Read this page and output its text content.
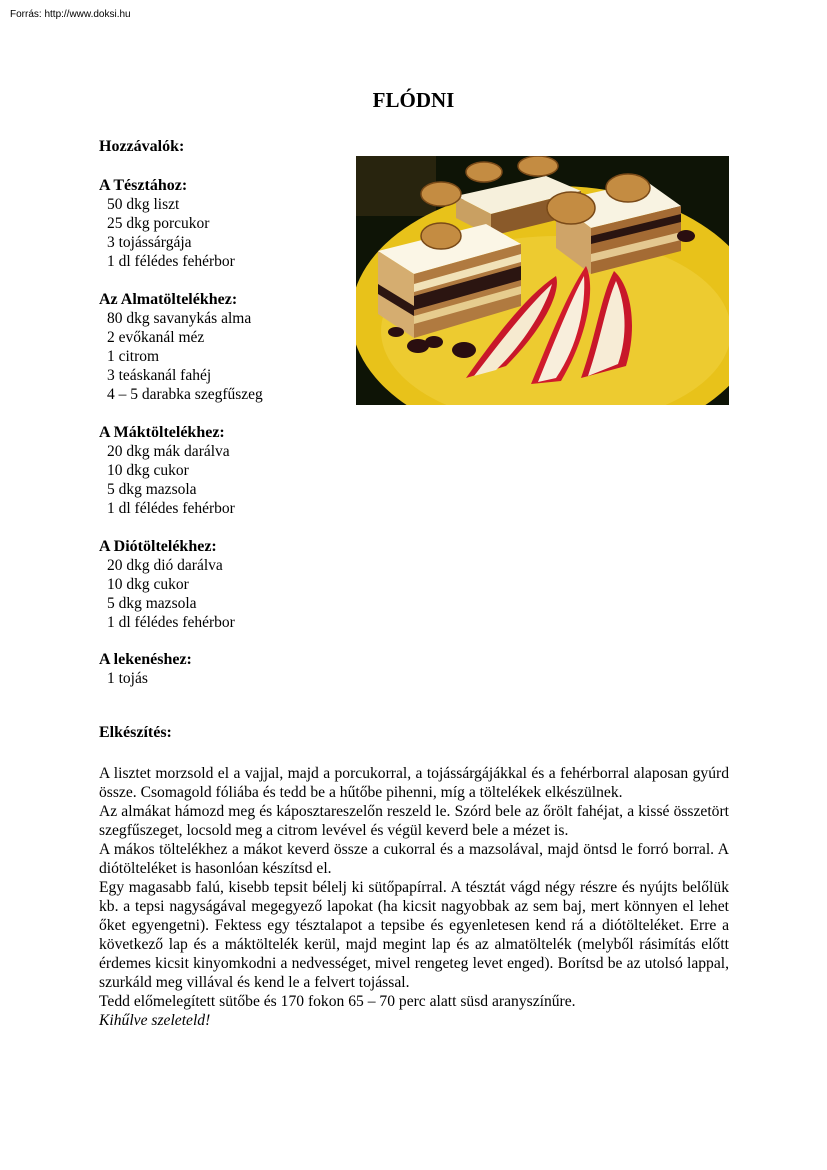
Forrás: http://www.doksi.hu
FLÓDNI
Hozzávalók:
A Tésztához:
50 dkg liszt
25 dkg porcukor
3 tojássárgája
1 dl félédes fehérbor
Az Almatöltelékhez:
80 dkg savanykás alma
2 evőkanál méz
1 citrom
3 teáskanál fahéj
4 – 5 darabka szegfűszeg
A Máktöltelékhez:
20 dkg mák darálva
10 dkg cukor
5 dkg mazsola
1 dl félédes fehérbor
A Diótöltelékhez:
20 dkg dió darálva
10 dkg cukor
5 dkg mazsola
1 dl félédes fehérbor
A lekenéshez:
1 tojás
Elkészítés:

A lisztet morzsold el a vajjal, majd a porcukorral, a tojássárgájákkal és a fehérborral alaposan gyúrd össze. Csomagold fóliába és tedd be a hűtőbe pihenni, míg a töltelékek elkészülnek.

Az almákat hámozd meg és káposztareszelőn reszeld le. Szórd bele az őrölt fahéjat, a kissé összetört szegfűszeget, locsold meg a citrom levével és végül keverd bele a mézet is.

A mákos töltelékhez a mákot keverd össze a cukorral és a mazsolával, majd öntsd le forró borral. A diótölteléket is hasonlóan készítsd el.

Egy magasabb falú, kisebb tepsit bélelj ki sütőpapírral. A tésztát vágd négy részre és nyújts belőlük kb. a tepsi nagyságával megegyező lapokat (ha kicsit nagyobbak az sem baj, mert könnyen el lehet őket egyengetni). Fektess egy tésztalapot a tepsibe és egyenletesen kend rá a diótölteléket. Erre a következő lap és a máktöltelék kerül, majd megint lap és az almatöltelék (melyből rásimítás előtt érdemes kicsit kinyomkodni a nedvességet, mivel rengeteg levet enged). Borítsd be az utolsó lappal, szurkáld meg villával és kend le a felvert tojással.

Tedd előmelegített sütőbe és 170 fokon 65 – 70 perc alatt süsd aranyszínűre.

Kihűlve szeleteld!
